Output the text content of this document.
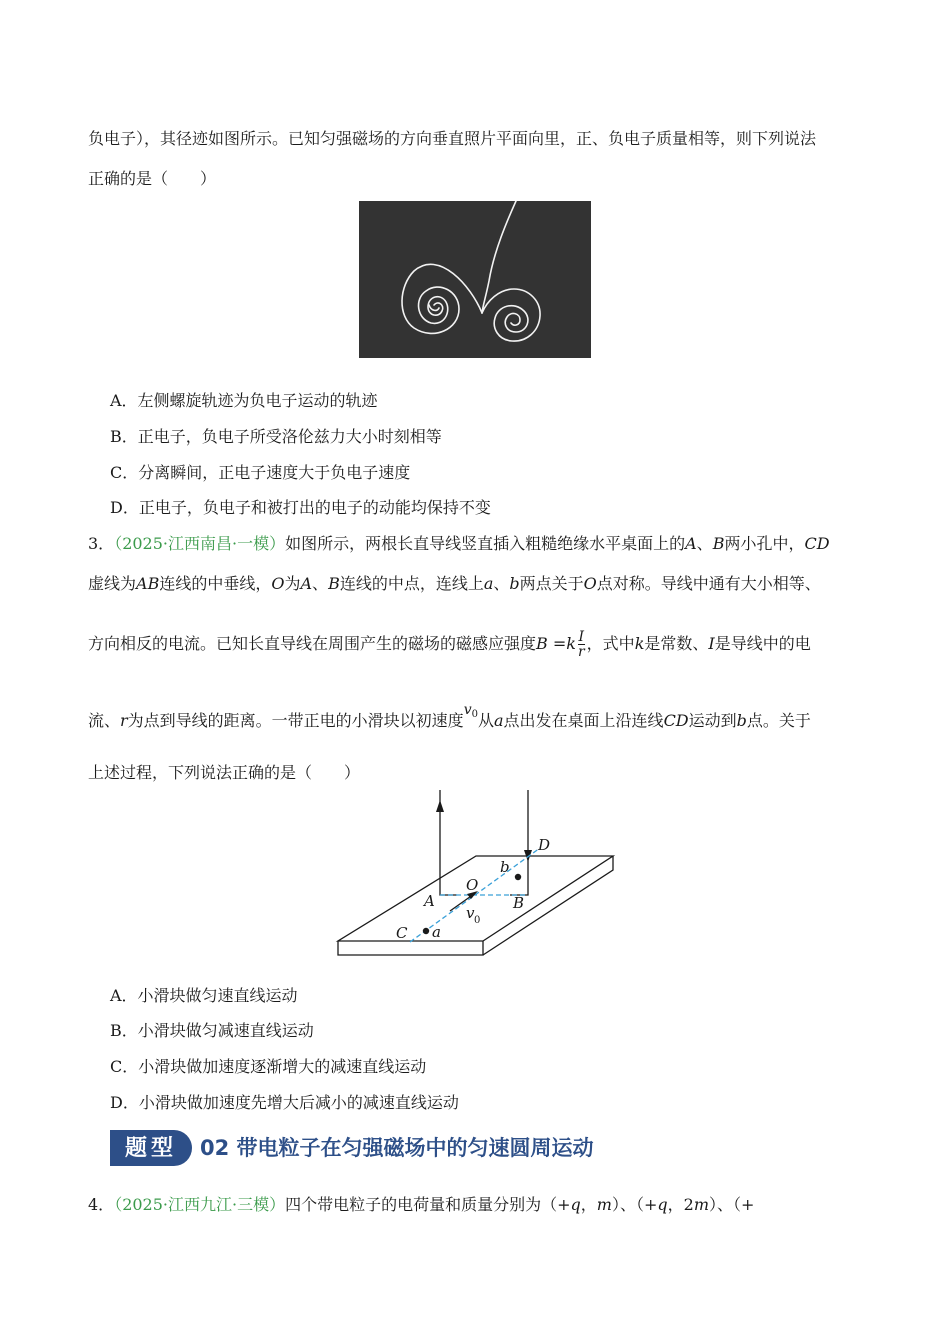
负电子），其径迹如图所示。已知匀强磁场的方向垂直照片平面向里，正、负电子质量相等，则下列说法
正确的是（　　）
A．左侧螺旋轨迹为负电子运动的轨迹
B．正电子，负电子所受洛伦兹力大小时刻相等
C．分离瞬间，正电子速度大于负电子速度
D．正电子，负电子和被打出的电子的动能均保持不变
3．（2025·江西南昌·一模）如图所示，两根长直导线竖直插入粗糙绝缘水平桌面上的A、B两小孔中，CD
虚线为AB连线的中垂线，O为A、B连线的中点，连线上a、b两点关于O点对称。导线中通有大小相等、
方向相反的电流。已知长直导线在周围产生的磁场的磁感应强度$B =k \frac{I}{r}$ ，式中k是常数、I是导线中的电
流、r为点到导线的距离。一带正电的小滑块以初速度$v_0$从a点出发在桌面上沿连线CD运动到b点。关于
上述过程，下列说法正确的是（　　）
D
b
O
A	B
v 0
C a
A．小滑块做匀速直线运动
B．小滑块做匀减速直线运动
C．小滑块做加速度逐渐增大的减速直线运动
D．小滑块做加速度先增大后减小的减速直线运动
题型	02 带电粒子在匀强磁场中的匀速圆周运动
4．（2025·江西九江·三模）四个带电粒子的电荷量和质量分别为（+q，m）、（+q，2m）、（+
